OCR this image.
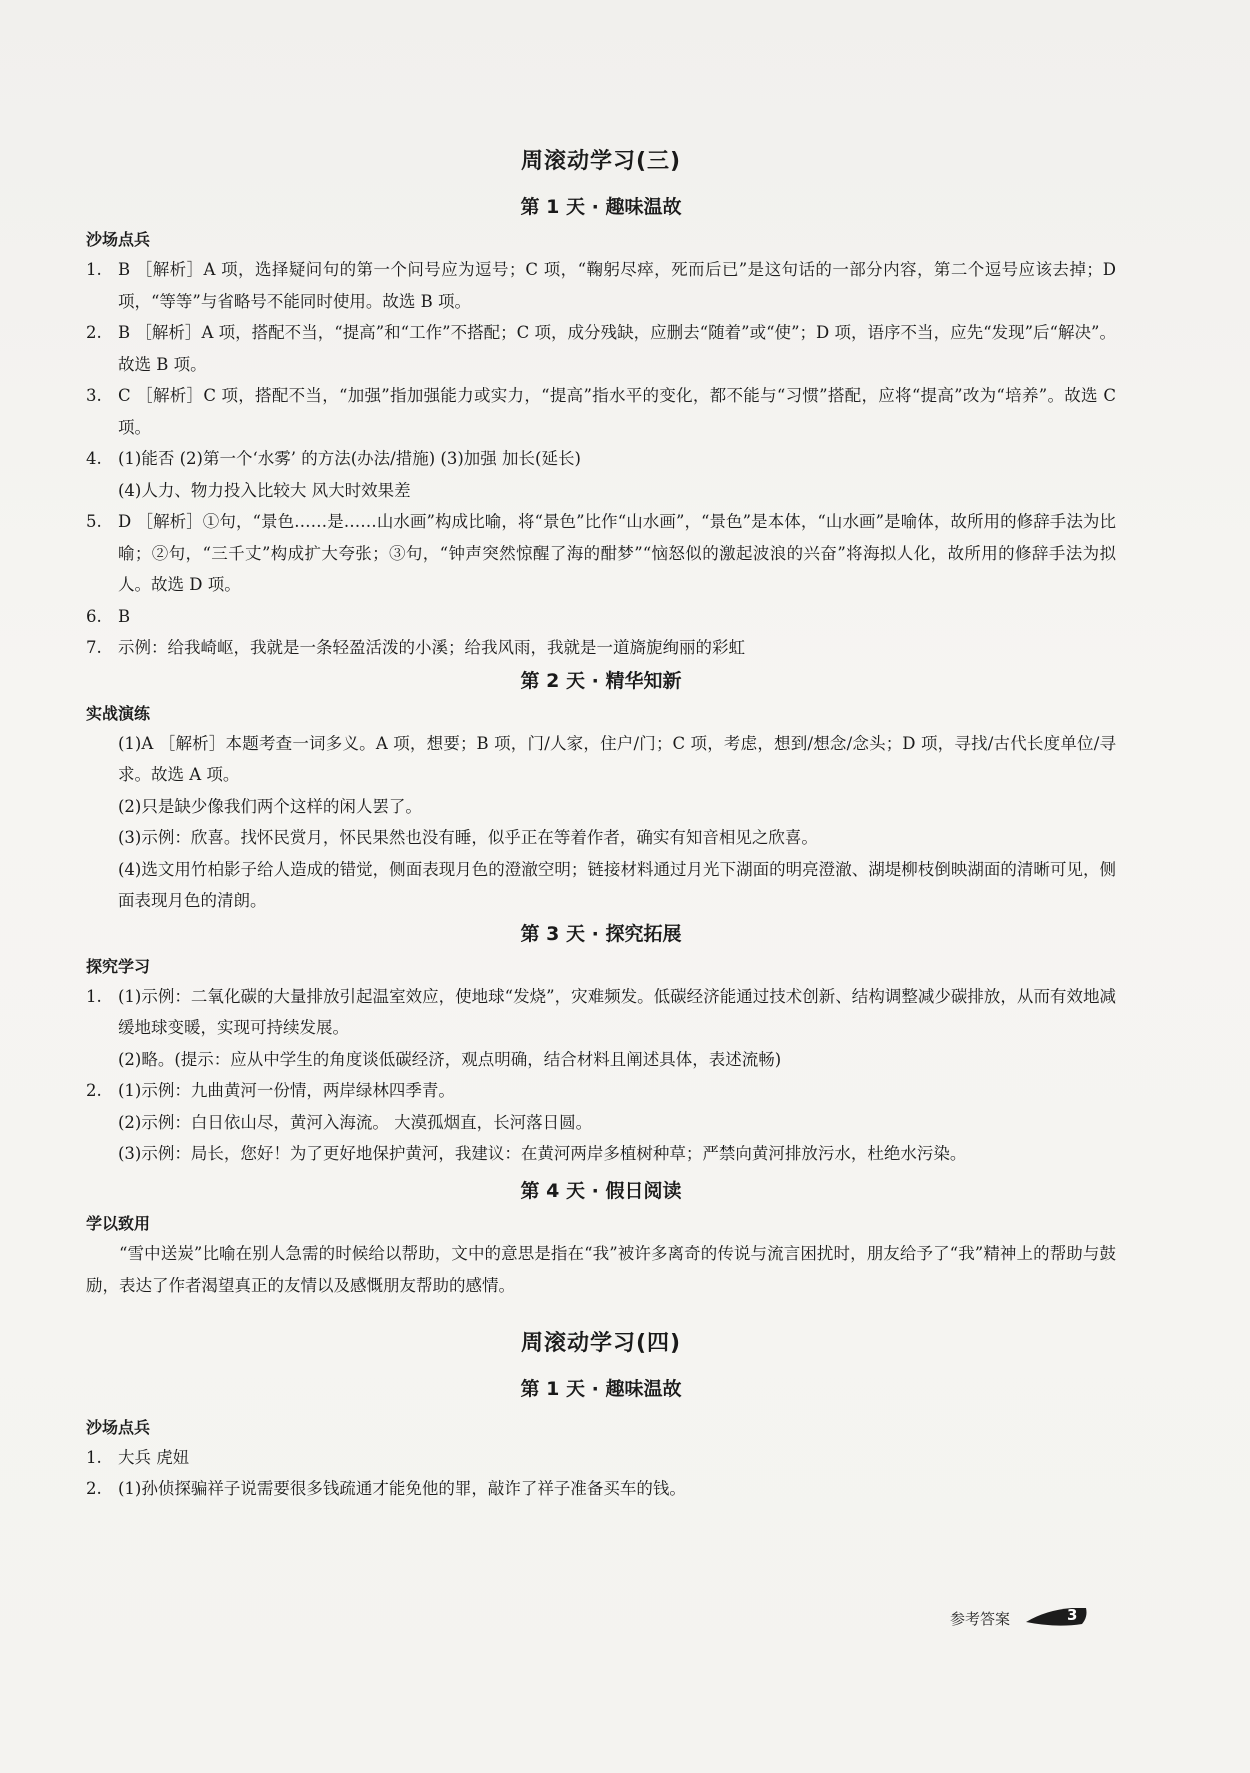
周滚动学习(三)
第 1 天 · 趣味温故
沙场点兵
1. B ［解析］A 项，选择疑问句的第一个问号应为逗号；C 项，“鞠躬尽瘁，死而后已”是这句话的一部分内容，第二个逗号应该去掉；D 项，“等等”与省略号不能同时使用。故选 B 项。
2. B ［解析］A 项，搭配不当，“提高”和“工作”不搭配；C 项，成分残缺，应删去“随着”或“使”；D 项，语序不当，应先“发现”后“解决”。故选 B 项。
3. C ［解析］C 项，搭配不当，“加强”指加强能力或实力，“提高”指水平的变化，都不能与“习惯”搭配，应将“提高”改为“培养”。故选 C 项。
4. (1)能否 (2)第一个‘水雾’ 的方法(办法/措施) (3)加强 加长(延长)
(4)人力、物力投入比较大 风大时效果差
5. D ［解析］①句，“景色……是……山水画”构成比喻，将“景色”比作“山水画”，“景色”是本体，“山水画”是喻体，故所用的修辞手法为比喻；②句，“三千丈”构成扩大夸张；③句，“钟声突然惊醒了海的酣梦”“恼怒似的激起波浪的兴奋”将海拟人化，故所用的修辞手法为拟人。故选 D 项。
6. B
7. 示例：给我崎岖，我就是一条轻盈活泼的小溪；给我风雨，我就是一道旖旎绚丽的彩虹
第 2 天 · 精华知新
实战演练
(1)A ［解析］本题考查一词多义。A 项，想要；B 项，门/人家，住户/门；C 项，考虑，想到/想念/念头；D 项，寻找/古代长度单位/寻求。故选 A 项。
(2)只是缺少像我们两个这样的闲人罢了。
(3)示例：欣喜。找怀民赏月，怀民果然也没有睡，似乎正在等着作者，确实有知音相见之欣喜。
(4)选文用竹柏影子给人造成的错觉，侧面表现月色的澄澈空明；链接材料通过月光下湖面的明亮澄澈、湖堤柳枝倒映湖面的清晰可见，侧面表现月色的清朗。
第 3 天 · 探究拓展
探究学习
1. (1)示例：二氧化碳的大量排放引起温室效应，使地球“发烧”，灾难频发。低碳经济能通过技术创新、结构调整减少碳排放，从而有效地减缓地球变暖，实现可持续发展。
(2)略。(提示：应从中学生的角度谈低碳经济，观点明确，结合材料且阐述具体，表述流畅)
2. (1)示例：九曲黄河一份情，两岸绿林四季青。
(2)示例：白日依山尽，黄河入海流。 大漠孤烟直，长河落日圆。
(3)示例：局长，您好！为了更好地保护黄河，我建议：在黄河两岸多植树种草；严禁向黄河排放污水，杜绝水污染。
第 4 天 · 假日阅读
学以致用
“雪中送炭”比喻在别人急需的时候给以帮助，文中的意思是指在“我”被许多离奇的传说与流言困扰时，朋友给予了“我”精神上的帮助与鼓励，表达了作者渴望真正的友情以及感慨朋友帮助的感情。
周滚动学习(四)
第 1 天 · 趣味温故
沙场点兵
1. 大兵 虎妞
2. (1)孙侦探骗祥子说需要很多钱疏通才能免他的罪，敲诈了祥子准备买车的钱。
参考答案	3
